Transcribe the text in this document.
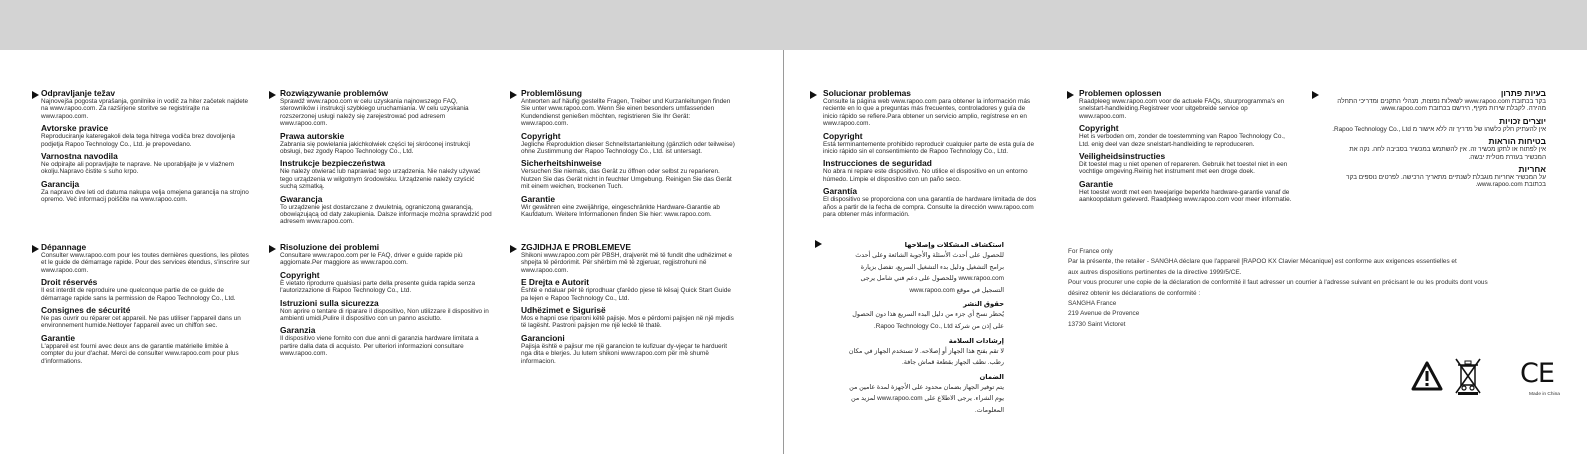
Odpravljanje težav

Najnovejša pogosta vprašanja, gonilnike in vodič za hiter začetek najdete na www.rapoo.com. Za razširjene storitve se registrirajte na www.rapoo.com.

Avtorske pravice

Reproduciranje kateregakoli dela tega hitrega vodiča brez dovoljenja podjetja Rapoo Technology Co., Ltd. je prepovedano.

Varnostna navodila

Ne odpirajte ali popravljajte te naprave. Ne uporabljajte je v vlažnem okolju.Napravo čistite s suho krpo.

Garancija

Za napravo dve leti od datuma nakupa velja omejena garancija na strojno opremo. Več informacij poiščite na www.rapoo.com.

Rozwiązywanie problemów

Sprawdź www.rapoo.com w celu uzyskania najnowszego FAQ, sterowników i instrukcji szybkiego uruchamiania. W celu uzyskania rozszerzonej usługi należy się zarejestrować pod adresem www.rapoo.com.

Prawa autorskie

Zabrania się powielania jakichkolwiek części tej skróconej instrukcji obsługi, bez zgody Rapoo Technology Co., Ltd.

Instrukcje bezpieczeństwa

Nie należy otwierać lub naprawiać tego urządzenia. Nie należy używać tego urządzenia w wilgotnym środowisku. Urządzenie należy czyścić suchą szmatką.

Gwarancja

To urządzenie jest dostarczane z dwuletnią, ograniczoną gwarancją, obowiązującą od daty zakupienia. Dalsze informacje można sprawdzić pod adresem www.rapoo.com.

Problemlösung

Antworten auf häufig gestellte Fragen, Treiber und Kurzanleitungen finden Sie unter www.rapoo.com. Wenn Sie einen besonders umfassenden Kundendienst genießen möchten, registrieren Sie Ihr Gerät: www.rapoo.com.

Copyright

Jegliche Reproduktion dieser Schnellstartanleitung (gänzlich oder teilweise) ohne Zustimmung der Rapoo Technology Co., Ltd. ist untersagt.

Sicherheitshinweise

Versuchen Sie niemals, das Gerät zu öffnen oder selbst zu reparieren. Nutzen Sie das Gerät nicht in feuchter Umgebung. Reinigen Sie das Gerät mit einem weichen, trockenen Tuch.

Garantie

Wir gewähren eine zweijährige, eingeschränkte Hardware-Garantie ab Kaufdatum. Weitere Informationen finden Sie hier: www.rapoo.com.

Dépannage

Consulter www.rapoo.com pour les toutes dernières questions, les pilotes et le guide de démarrage rapide. Pour des services étendus, s'inscrire sur www.rapoo.com.

Droit réservés

Il est interdit de reproduire une quelconque partie de ce guide de démarrage rapide sans la permission de Rapoo Technology Co., Ltd.

Consignes de sécurité

Ne pas ouvrir ou réparer cet appareil. Ne pas utiliser l'appareil dans un environnement humide.Nettoyer l'appareil avec un chiffon sec.

Garantie

L'appareil est fourni avec deux ans de garantie matérielle limitée à compter du jour d'achat. Merci de consulter www.rapoo.com pour plus d'informations.

Risoluzione dei problemi

Consultare www.rapoo.com per le FAQ, driver e guide rapide più aggiornate.Per maggiore as www.rapoo.com.

Copyright

È vietato riprodurre qualsiasi parte della presente guida rapida senza l'autorizzazione di Rapoo Technology Co., Ltd.

Istruzioni sulla sicurezza

Non aprire o tentare di riparare il dispositivo, Non utilizzare il dispositivo in ambienti umidi,Pulire il dispositivo con un panno asciutto.

Garanzia

Il dispositivo viene fornito con due anni di garanzia hardware limitata a partire dalla data di acquisto. Per ulteriori informazioni consultare www.rapoo.com.

ZGJIDHJA E PROBLEMEVE

Shikoni www.rapoo.com për PBSH, drajverët më të fundit dhe udhëzimet e shpejta të përdorimit. Për shërbim më të zgjeruar, regjistrohuni në www.rapoo.com.

E Drejta e Autorit

Është e ndaluar për të riprodhuar çfarëdo pjese të kësaj Quick Start Guide pa lejen e Rapoo Technology Co., Ltd.

Udhëzimet e Sigurisë

Mos e hapni ose riparoni këtë pajisje. Mos e përdorni pajisjen në një mjedis të lagësht. Pastroni pajisjen me një leckë të thatë.

Garancioni

Pajisja është e pajisur me një garancion te kufizuar dy-vjeçar te harduerit nga dita e blerjes. Ju lutem shikoni www.rapoo.com për më shumë informacion.

Solucionar problemas

Consulte la página web www.rapoo.com para obtener la información más reciente en lo que a preguntas más frecuentes, controladores y guía de inicio rápido se refiere.Para obtener un servicio amplio, regístrese en en www.rapoo.com.

Copyright

Está terminantemente prohibido reproducir cualquier parte de esta guía de inicio rápido sin el consentimiento de Rapoo Technology Co., Ltd.

Instrucciones de seguridad

No abra ni repare este dispositivo. No utilice el dispositivo en un entorno húmedo. Limpie el dispositivo con un paño seco.

Garantía

El dispositivo se proporciona con una garantía de hardware limitada de dos años a partir de la fecha de compra. Consulte la dirección www.rapoo.com para obtener más información.

Problemen oplossen

Raadpleeg www.rapoo.com voor de actuele FAQs, stuurprogramma's en snelstart-handleiding.Registreer voor uitgebreide service op www.rapoo.com.

Copyright

Het is verboden om, zonder de toestemming van Rapoo Technology Co., Ltd. enig deel van deze snelstart-handleiding te reproduceren.

Veiligheidsinstructies

Dit toestel mag u niet openen of repareren. Gebruik het toestel niet in een vochtige omgeving.Reinig het instrument met een droge doek.

Garantie

Het toestel wordt met een tweejarige beperkte hardware-garantie vanaf de aankoopdatum geleverd. Raadpleeg www.rapoo.com voor meer informatie.

בעיות פתרון

בקר בכתובת www.rapoo.com לשאלות נפוצות, מנהלי התקנים ומדריכי התחלה מהירה. לקבלת שירות מקיף, הירשם בכתובת www.rapoo.com.

יוצרים זכויות

אין להעתיק חלק כלשהו של מדריך זה ללא אישור מ Rapoo Technology Co., Ltd.

בטיחות הוראות

אין לפתוח או לתקן מכשיר זה. אין להשתמש במכשיר בסביבה לחה. נקה את המכשיר בעזרת מטלית יבשה.

אחריות

על המכשיר אחריות מוגבלת לשנתיים מתאריך הרכישה. לפרטים נוספים בקר בכתובת www.rapoo.com.

استكشاف المشكلات وإصلاحها

للحصول على أحدث الأسئلة والأجوبة الشائعة وعلى أحدث برامج التشغيل ودليل بدء التشغيل السريع، تفضل بزيارة www.rapoo.com وللحصول على دعم فني شامل يرجى التسجيل في موقع www.rapoo.com

حقوق النشر

يُحظر نسخ أي جزء من دليل البدء السريع هذا دون الحصول على إذن من شركة Rapoo Technology Co., Ltd.

إرشادات السلامة

لا تقم بفتح هذا الجهاز أو إصلاحه. لا تستخدم الجهاز في مكان رطب. نظف الجهاز بقطعة قماش جافة.

الضمان

يتم توفير الجهاز بضمان محدود على الأجهزة لمدة عامين من يوم الشراء. يرجى الاطلاع على www.rapoo.com لمزيد من المعلومات.

For France only

Par la présente, the retailer - SANGHA déclare que l'appareil [RAPOO KX Clavier Mécanique] est conforme aux exigences essentielles et

aux autres dispositions pertinentes de la directive 1999/5/CE.

Pour vous procurer une copie de la déclaration de conformité il faut adresser un courrier à l'adresse suivant en précisant le ou les produits dont vous

désirez obtenir les déclarations de conformité :

SANGHA France

219 Avenue de Provence

13730 Saint Victoret

CE
Made in China
